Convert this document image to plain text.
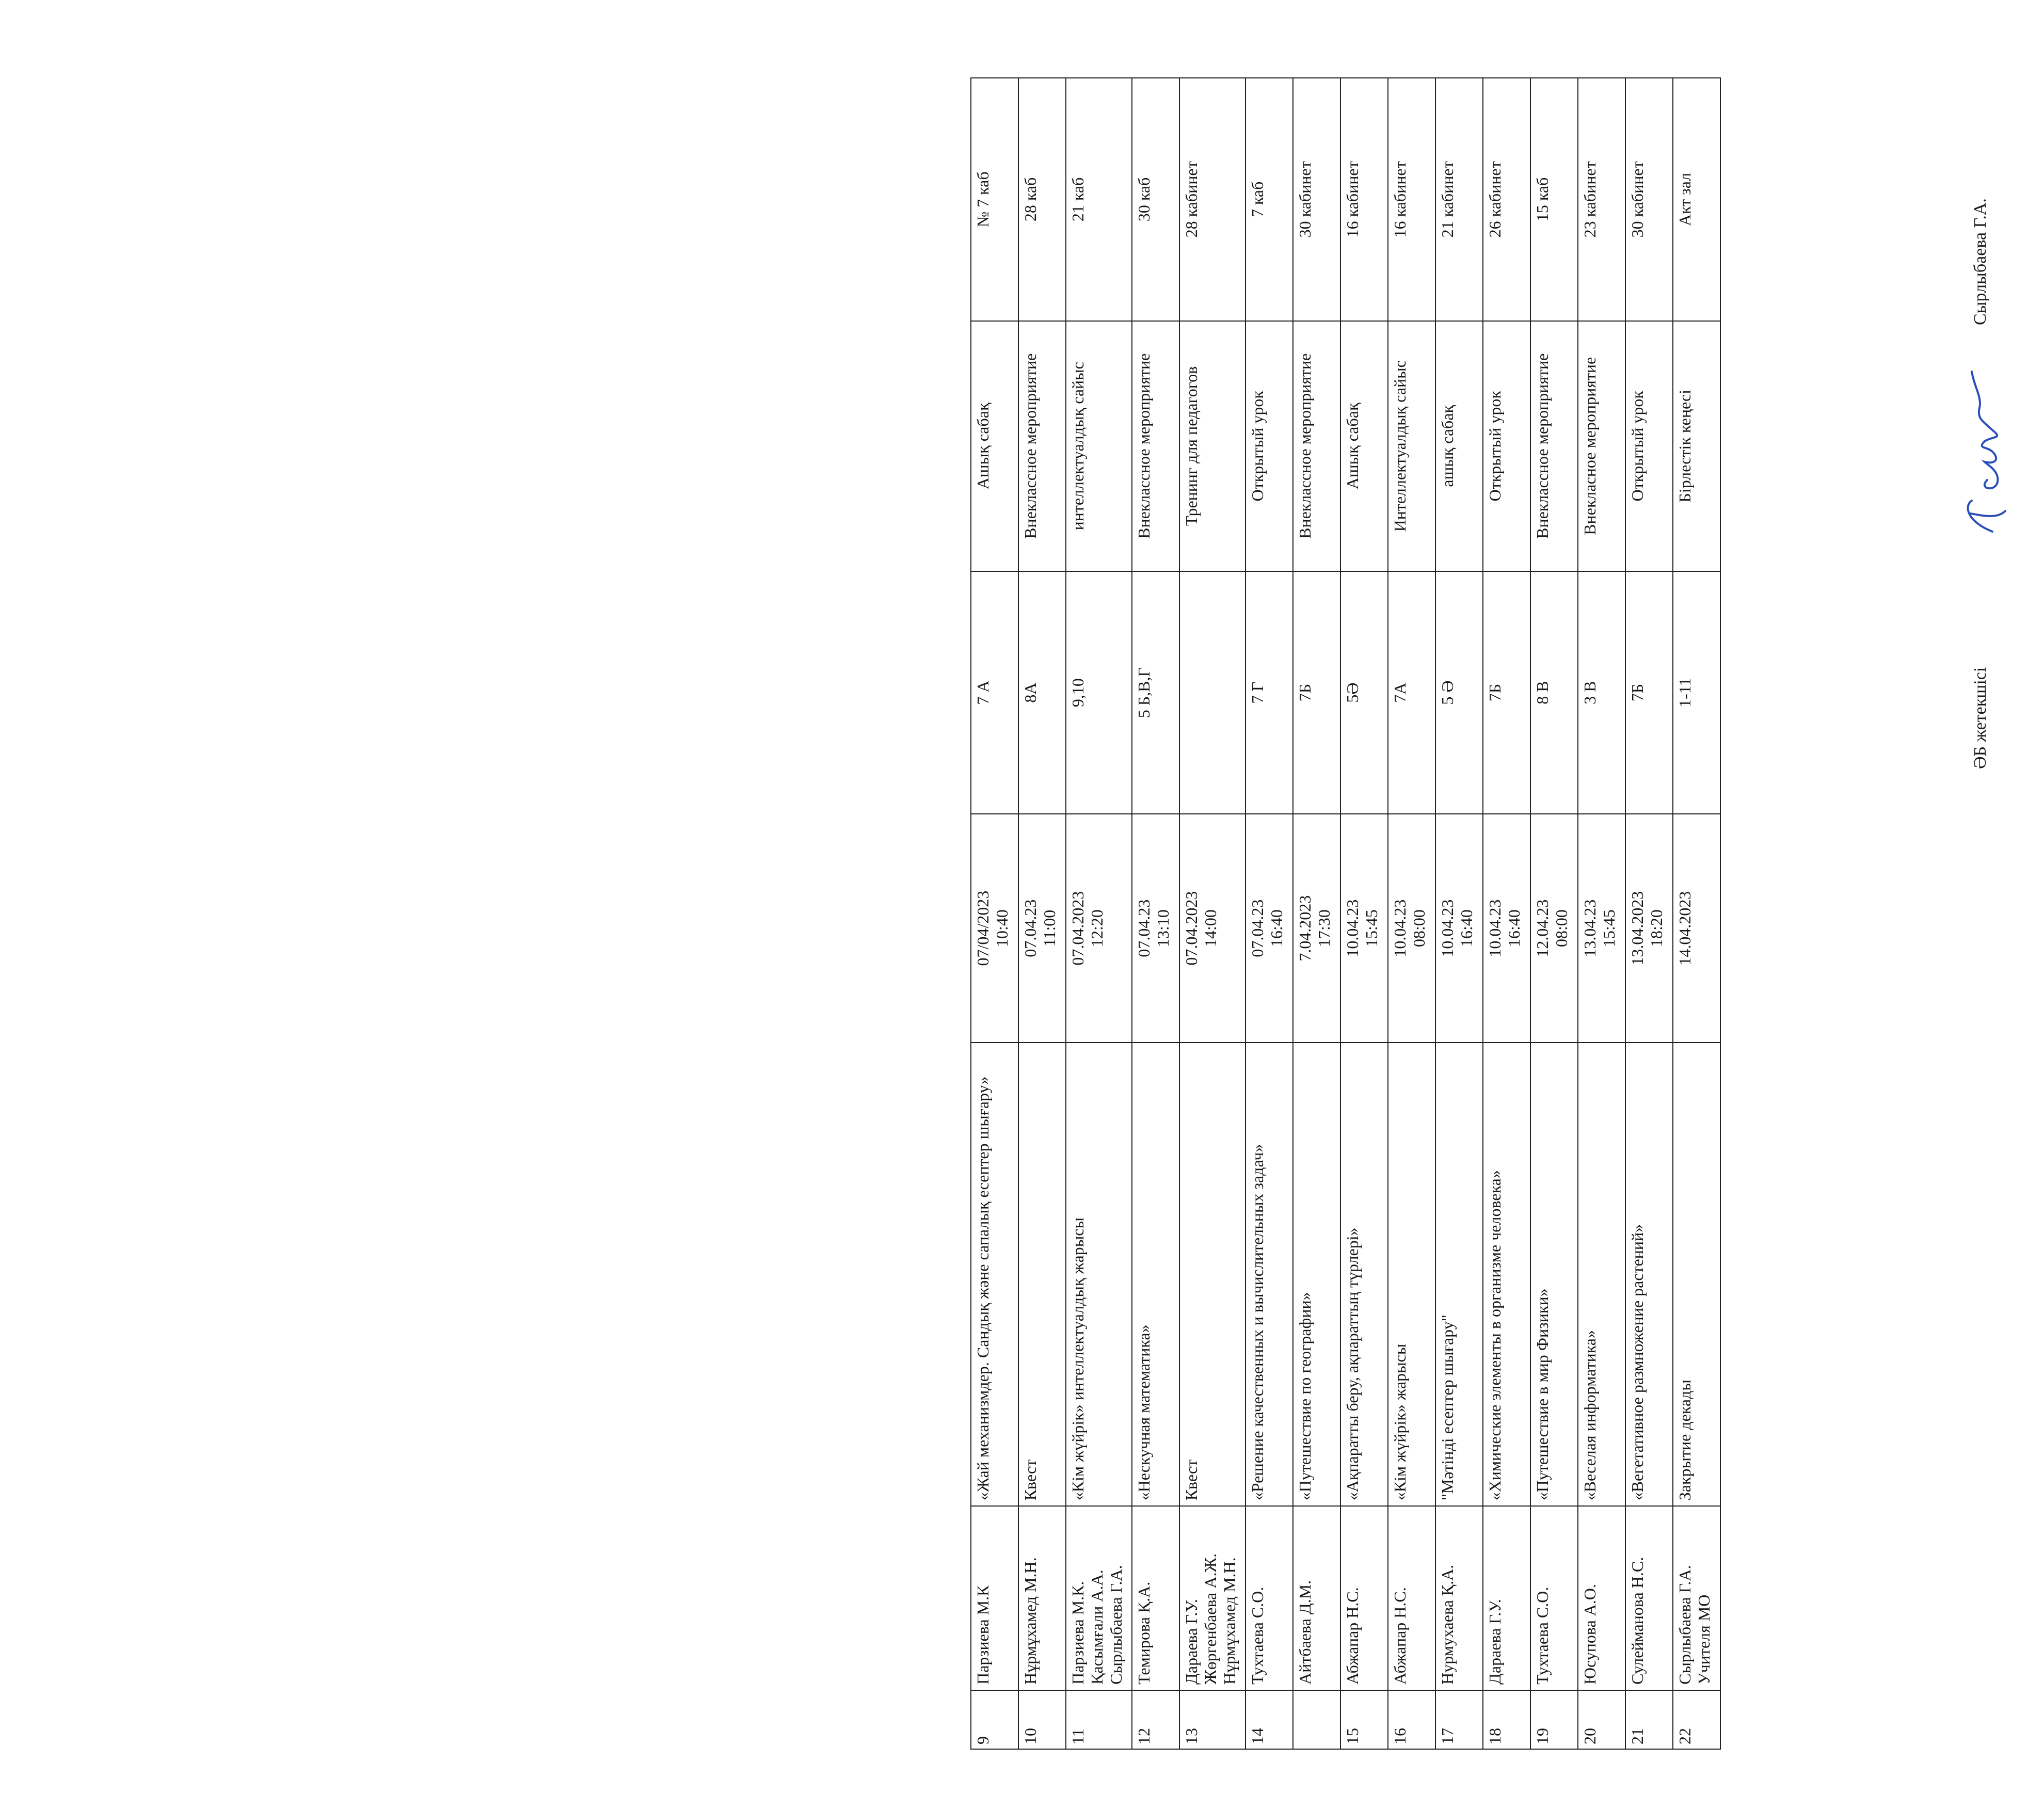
9	Парзиева М.К	«Жай механизмдер. Сандық және сапалық есептер шығару»	07/04/2023 10:40	7 А	Ашық сабақ	№ 7 каб
10	Нұрмұхамед М.Н.	Квест	07.04.23 11:00	8А	Внеклассное мероприятие	28 каб
11	Парзиева М.К. Қасымғали А.А. Сырлыбаева Г.А.	«Кім жүйрік» интеллектуалдық жарысы	07.04.2023 12:20	9,10	интеллектуалдық сайыс	21 каб
12	Темирова Қ.А.	«Нескучная математика»	07.04.23 13:10	5 Б,В,Г	Внеклассное мероприятие	30 каб
13	Дараева Г.У. Жөргенбаева А.Ж. Нұрмұхамед М.Н.	Квест	07.04.2023 14:00		Тренинг для педагогов	28 кабинет
14	Тухтаева С.О.	«Решение качественных и вычислительных задач»	07.04.23 16:40	7 Г	Открытый урок	7 каб
	Айтбаева Д.М.	«Путешествие по географии»	7.04.2023 17:30	7Б	Внеклассное мероприятие	30 кабинет
15	Абжапар Н.С.	«Ақпаратты беру, ақпараттың түрлері»	10.04.23 15:45	5Ә	Ашық сабақ	16 кабинет
16	Абжапар Н.С.	«Кім жүйрік» жарысы	10.04.23 08:00	7А	Интеллектуалдық сайыс	16 кабинет
17	Нурмухаева Қ.А.	"Мәтінді есептер шығару"	10.04.23 16:40	5 Ә	ашық сабақ	21 кабинет
18	Дараева Г.У.	«Химические элементы в организме человека»	10.04.23 16:40	7Б	Открытый урок	26 кабинет
19	Тухтаева С.О.	«Путешествие в мир Физики»	12.04.23 08:00	8 В	Внеклассное мероприятие	15 каб
20	Юсупова А.О.	«Веселая информатика»	13.04.23 15:45	3 В	Внекласное мероприятие	23 кабинет
21	Сулейманова Н.С.	«Вегетативное размножение растений»	13.04.2023 18:20	7Б	Открытый урок	30 кабинет
22	Сырлыбаева Г.А. Учителя МО	Закрытие декады	14.04.2023	1-11	Бірлестік кеңесі	Акт зал
ӘБ жетекшісі
Сырлыбаева Г.А.
